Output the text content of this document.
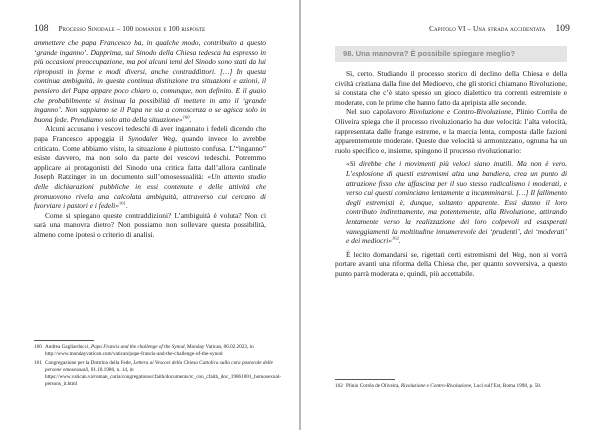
108 Processo Sinodale – 100 domande e 100 risposte

ammettere che papa Francesco ha, in qualche modo, contribuito a questo ‘grande inganno’. Dapprima, sul Sinodo della Chiesa tedesca ha espresso in più occasioni preoccupazione, ma poi alcuni temi del Sinodo sono stati da lui riproposti in forme e modi diversi, anche contraddittori. […] In questa continua ambiguità, in questa continua distinzione tra situazioni e azioni, il pensiero del Papa appare poco chiaro o, comunque, non definito. E il guaio che probabilmente si insinua la possibilità di mettere in atto il ‘grande inganno’. Non sappiamo se il Papa ne sia a conoscenza o se agisca solo in buona fede. Prendiamo solo atto della situazione»$^{160}$.

Alcuni accusano i vescovi tedeschi di aver ingannato i fedeli dicendo che papa Francesco appoggia il Synodaler Weg, quando invece lo avrebbe criticato. Come abbiamo visto, la situazione è piuttosto confusa. L’“inganno” esiste davvero, ma non solo da parte dei vescovi tedeschi. Potremmo applicare ai protagonisti del Sinodo una critica fatta dall’allora cardinale Joseph Ratzinger in un documento sull’omosessualità: «Un attento studio delle dichiarazioni pubbliche in essi contenute e delle attività che promuovono rivela una calcolata ambiguità, attraverso cui cercano di fuorviare i pastori e i fedeli»$^{161}$.

Come si spiegano queste contraddizioni? L’ambiguità è voluta? Non ci sarà una manovra dietro? Non possiamo non sollevare questa possibilità, almeno come ipotesi o criterio di analisi.

160 Andrea Gagliarducci, Papa Francis and the challenge of the Synod, Monday Vatican, 06.02.2023, in http://www.mondayvatican.com/vatican/pope-francis-and-the-challenge-of-the-synod
161 Congregazione per la Dottrina della Fede, Lettera ai Vescovi della Chiesa Cattolica sulla cura pastorale delle persone omosessuali, 01.10.1986, n. 14, in https://www.vatican.va/roman_curia/congregations/cfaith/documents/rc_con_cfaith_doc_19861001_homosexual-persons_it.html
Capitolo VI – Una strada accidentata 109
98. Una manovra? È possibile spiegare meglio?

Sì, certo. Studiando il processo storico di declino della Chiesa e della civiltà cristiana dalla fine del Medioevo, che gli storici chiamano Rivoluzione, si constata che c’è stato spesso un gioco dialettico tra correnti estremiste e moderate, con le prime che hanno fatto da apripista alle seconde.

Nel suo capolavoro Rivoluzione e Contro-Rivoluzione, Plinio Corrêa de Oliveira spiega che il processo rivoluzionario ha due velocità: l’alta velocità, rappresentata dalle frange estreme, e la marcia lenta, composta dalle fazioni apparentemente moderate. Queste due velocità si armonizzano, ognuna ha un ruolo specifico e, insieme, spingono il processo rivoluzionario:

«Si direbbe che i movimenti più veloci siano inutili. Ma non è vero. L’esplosione di questi estremismi alza una bandiera, crea un punto di attrazione fisso che affascina per il suo stesso radicalismo i moderati, e verso cui questi cominciano lentamente a incamminarsi. […] Il fallimento degli estremisti è, dunque, soltanto apparente. Essi danno il loro contributo indirettamente, ma potentemente, alla Rivoluzione, attirando lentamente verso la realizzazione dei loro colpevoli ed esasperati vaneggiamenti la moltitudine innumerevole dei ‘prudenti’, dei ‘moderati’ e dei mediocri»$^{162}$.

È lecito domandarsi se, rigettati certi estremismi del Weg, non si vorrà portare avanti una riforma della Chiesa che, per quanto sovversiva, a questo punto parrà moderata e, quindi, più accettabile.

162 Plinio Corrêa de Oliveira, Rivoluzione e Contro-Rivoluzione, Luci sull’Est, Roma 1998, p. 58.
